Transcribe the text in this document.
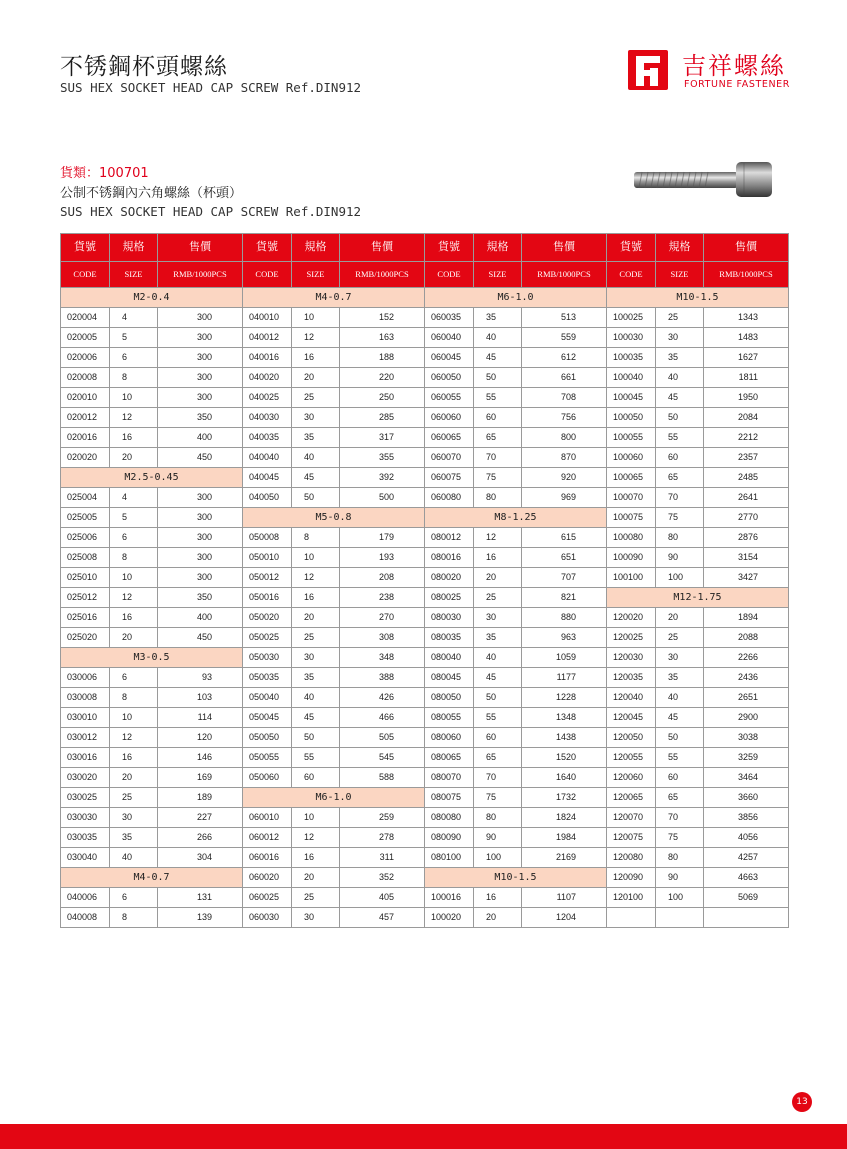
不锈鋼杯頭螺絲
SUS HEX SOCKET HEAD CAP SCREW Ref.DIN912
吉祥螺絲
FORTUNE FASTENER
貨類：100701
公制不锈鋼內六角螺絲（杯頭）
SUS HEX SOCKET HEAD CAP SCREW Ref.DIN912
貨號	規格	售價	貨號	規格	售價	貨號	規格	售價	貨號	規格	售價
CODE	SIZE	RMB/1000PCS	CODE	SIZE	RMB/1000PCS	CODE	SIZE	RMB/1000PCS	CODE	SIZE	RMB/1000PCS
M2-0.4			M4-0.7			M6-1.0			M10-1.5		
020004	4	300	040010	10	152	060035	35	513	100025	25	1343
020005	5	300	040012	12	163	060040	40	559	100030	30	1483
020006	6	300	040016	16	188	060045	45	612	100035	35	1627
020008	8	300	040020	20	220	060050	50	661	100040	40	1811
020010	10	300	040025	25	250	060055	55	708	100045	45	1950
020012	12	350	040030	30	285	060060	60	756	100050	50	2084
020016	16	400	040035	35	317	060065	65	800	100055	55	2212
020020	20	450	040040	40	355	060070	70	870	100060	60	2357
M2.5-0.45			040045	45	392	060075	75	920	100065	65	2485
025004	4	300	040050	50	500	060080	80	969	100070	70	2641
025005	5	300	M5-0.8			M8-1.25			100075	75	2770
025006	6	300	050008	8	179	080012	12	615	100080	80	2876
025008	8	300	050010	10	193	080016	16	651	100090	90	3154
025010	10	300	050012	12	208	080020	20	707	100100	100	3427
025012	12	350	050016	16	238	080025	25	821	M12-1.75		
025016	16	400	050020	20	270	080030	30	880	120020	20	1894
025020	20	450	050025	25	308	080035	35	963	120025	25	2088
M3-0.5			050030	30	348	080040	40	1059	120030	30	2266
030006	6	93	050035	35	388	080045	45	1177	120035	35	2436
030008	8	103	050040	40	426	080050	50	1228	120040	40	2651
030010	10	114	050045	45	466	080055	55	1348	120045	45	2900
030012	12	120	050050	50	505	080060	60	1438	120050	50	3038
030016	16	146	050055	55	545	080065	65	1520	120055	55	3259
030020	20	169	050060	60	588	080070	70	1640	120060	60	3464
030025	25	189	M6-1.0			080075	75	1732	120065	65	3660
030030	30	227	060010	10	259	080080	80	1824	120070	70	3856
030035	35	266	060012	12	278	080090	90	1984	120075	75	4056
030040	40	304	060016	16	311	080100	100	2169	120080	80	4257
M4-0.7			060020	20	352	M10-1.5			120090	90	4663
040006	6	131	060025	25	405	100016	16	1107	120100	100	5069
040008	8	139	060030	30	457	100020	20	1204			
13
